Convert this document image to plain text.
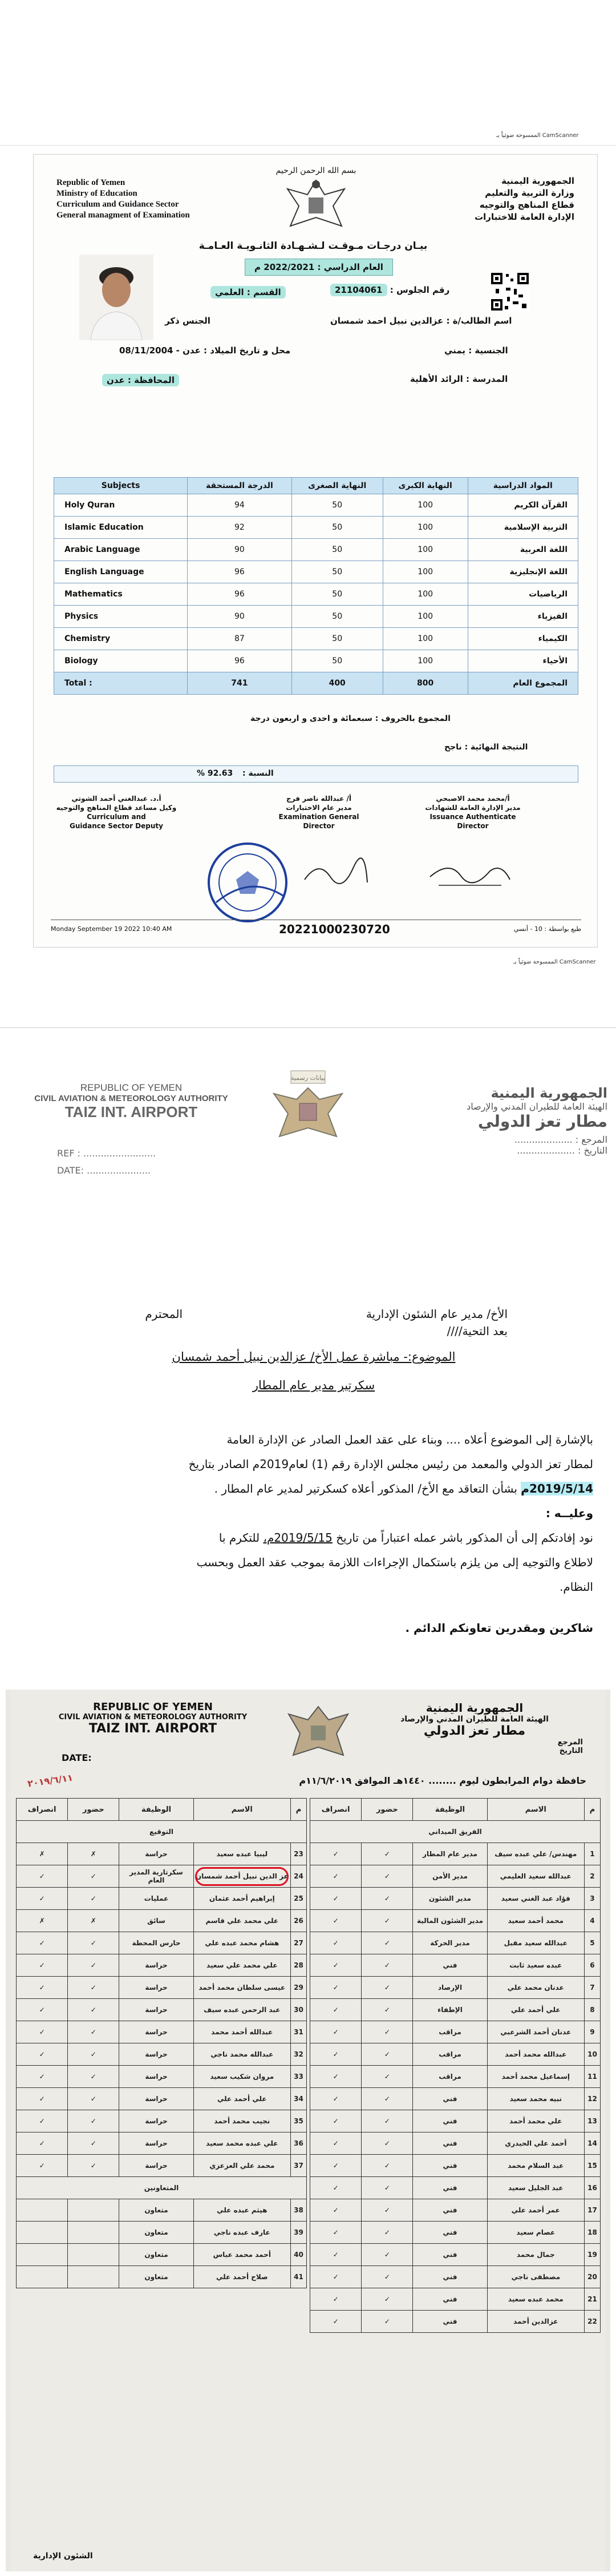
الممسوحة ضوئياً بـ CamScanner
Republic of Yemen
Ministry of Education
Curriculum and Guidance Sector
General managment of Examination
بسم الله الرحمن الرحيم
الجمهورية اليمنية
وزارة التربية والتعليم
قطاع المناهج والتوجيه
الإدارة العامة للاختبارات
بيـان درجـات مـوقـت لـشـهـادة الثانـويـة العـامـة
العام الدراسي : 2022/2021 م
رقم الجلوس : 21104061
القسم : العلمي
اسم الطالب/ة : عزالدين نبيل احمد شمسان
الجنس ذكر
الجنسية : يمني
محل و تاريخ الميلاد : عدن - 08/11/2004
المدرسة : الرائد الأهلية
المحافظة : عدن
Subjects	الدرجة المستحقة	النهاية الصغرى	النهاية الكبرى	المواد الدراسية
Holy Quran	94	50	100	القرآن الكريم
Islamic Education	92	50	100	التربية الإسلامية
Arabic Language	90	50	100	اللغة العربية
English Language	96	50	100	اللغة الإنجليزية
Mathematics	96	50	100	الرياضيات
Physics	90	50	100	الفيزياء
Chemistry	87	50	100	الكيمياء
Biology	96	50	100	الأحياء
Total :	741	400	800	المجموع العام
المجموع بالحروف : سبعمائة و احدى و اربعون درجة
النتيجة النهائية : ناجح
% 92.63 : النسبة
أ.د. عبدالغني أحمد الشوتي
وكيل مساعد قطاع المناهج والتوجيه
Curriculum and
Guidance Sector Deputy
أ/ عبدالله ناصر فرج
مدير عام الاختبارات
Examination General
Director
أ/محمد محمد الاصبحي
مدير الإدارة العامة للشهادات
Issuance Authenticate
Director
Monday September 19 2022 10:40 AM	20221000230720	طبع بواسطة : 10 - أنسي
الممسوحة ضوئياً بـ CamScanner
REPUBLIC OF YEMEN
CIVIL AVIATION & METEOROLOGY AUTHORITY
TAIZ INT. AIRPORT
REF : .........................
DATE: ......................
بيانات رسمية
الجمهورية اليمنية
الهيئة العامة للطيران المدني والإرصاد
مطار تعز الدولي
المرجع : ....................
التاريخ : ....................
الأخ/ مدير عام الشئون الإدارية
المحترم
بعد التحية////
الموضوع:- مباشرة عمل الأخ/ عزالدين نبيل أحمد شمسان
سكرتير مدير عام المطار
بالإشارة إلى الموضوع أعلاه .... وبناء على عقد العمل الصادر عن الإدارة العامة
لمطار تعز الدولي والمعمد من رئيس مجلس الإدارة رقم (1) لعام2019م الصادر بتاريخ
2019/5/14م بشأن التعاقد مع الأخ/ المذكور أعلاه كسكرتير لمدير عام المطار .
وعليــه :
نود إفادتكم إلى أن المذكور باشر عمله اعتباراً من تاريخ 2019/5/15م، للتكرم با
لاطلاع والتوجيه إلى من يلزم باستكمال الإجراءات اللازمة بموجب عقد العمل وبحسب
النظام.
شاكرين ومقدرين تعاونكم الدائم .
REPUBLIC OF YEMEN
CIVIL AVIATION & METEOROLOGY AUTHORITY
TAIZ INT. AIRPORT
DATE:
الجمهورية اليمنية
الهيئة العامة للطيران المدني والإرصاد
مطار تعز الدولي
المرجع
التاريخ
٢٠١٩/٦/١١	حافظة دوام المرابطون ليوم ........ ١٤٤٠هـ الموافق ١١/٦/٢٠١٩م
م	الاسم	الوظيفة	حضور	انصراف
التوقيع				
23	ليبيا عبده سعيد	حراسة	✗	✗
24	عز الدين نبيل أحمد شمسان	سكرتارية المدير العام	✓	✓
25	إبراهيم أحمد عثمان	عمليات	✓	✓
26	علي محمد علي قاسم	سائق	✗	✗
27	هشام محمد عبده علي	حارس المحطة	✓	✓
28	علي محمد علي سعيد	حراسة	✓	✓
29	عيسى سلطان محمد أحمد	حراسة	✓	✓
30	عبد الرحمن عبده سيف	حراسة	✓	✓
31	عبدالله أحمد محمد	حراسة	✓	✓
32	عبدالله محمد ناجي	حراسة	✓	✓
33	مروان شكيب سعيد	حراسة	✓	✓
34	علي أحمد علي	حراسة	✓	✓
35	نجيب محمد أحمد	حراسة	✓	✓
36	علي عبده محمد سعيد	حراسة	✓	✓
37	محمد علي العزعزي	حراسة	✓	✓
المتعاونين				
38	هيثم عبده علي	متعاون		
39	عارف عبده ناجي	متعاون		
40	أحمد محمد عباس	متعاون		
41	صلاح أحمد علي	متعاون		
م	الاسم	الوظيفة	حضور	انصراف
الفريق الميداني				
1	مهندس/ علي عبده سيف	مدير عام المطار	✓	✓
2	عبدالله سعيد العليمي	مدير الأمن	✓	✓
3	فؤاد عبد الغني سعيد	مدير الشئون	✓	✓
4	محمد أحمد سعيد	مدير الشئون المالية	✓	✓
5	عبدالله سعيد مقبل	مدير الحركة	✓	✓
6	عبده سعيد ثابت	فني	✓	✓
7	عدنان محمد علي	الإرصاد	✓	✓
8	علي أحمد علي	الإطفاء	✓	✓
9	عدنان أحمد الشرعبي	مراقب	✓	✓
10	عبدالله محمد أحمد	مراقب	✓	✓
11	إسماعيل محمد أحمد	مراقب	✓	✓
12	نبيه محمد سعيد	فني	✓	✓
13	علي محمد أحمد	فني	✓	✓
14	أحمد علي الحيدري	فني	✓	✓
15	عبد السلام محمد	فني	✓	✓
16	عبد الجليل سعيد	فني	✓	✓
17	عمر أحمد علي	فني	✓	✓
18	عصام سعيد	فني	✓	✓
19	جمال محمد	فني	✓	✓
20	مصطفى ناجي	فني	✓	✓
21	محمد عبده سعيد	فني	✓	✓
22	عزالدين أحمد	فني	✓	✓
الشئون الإدارية
